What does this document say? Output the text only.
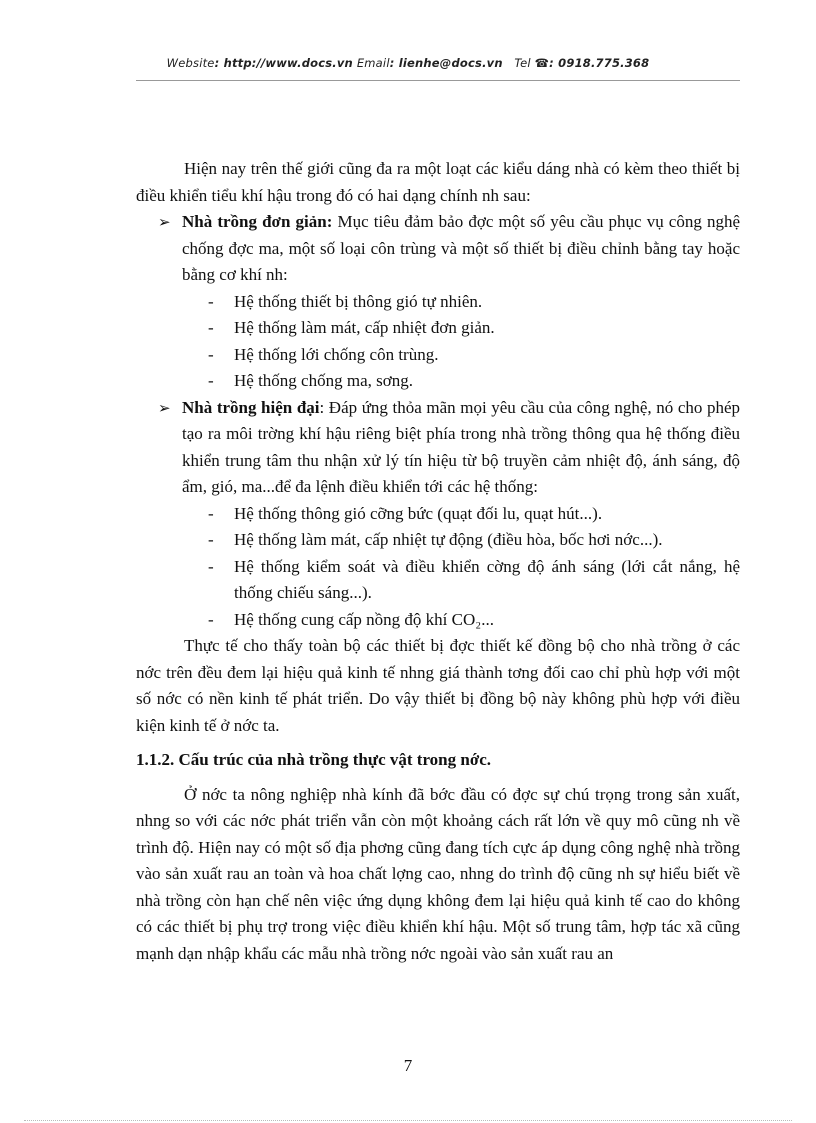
Website: http://www.docs.vn Email: lienhe@docs.vn Tel ☎: 0918.775.368

Hiện nay trên thế giới cũng đa ra một loạt các kiểu dáng nhà có kèm theo thiết bị điều khiển tiểu khí hậu trong đó có hai dạng chính nh sau:

➢ Nhà trồng đơn giản: Mục tiêu đảm bảo đợc một số yêu cầu phục vụ công nghệ chống đợc ma, một số loại côn trùng và một số thiết bị điều chỉnh bằng tay hoặc bằng cơ khí nh:

- Hệ thống thiết bị thông gió tự nhiên.

- Hệ thống làm mát, cấp nhiệt đơn giản.

- Hệ thống lới chống côn trùng.

- Hệ thống chống ma, sơng.

➢ Nhà trồng hiện đại: Đáp ứng thỏa mãn mọi yêu cầu của công nghệ, nó cho phép tạo ra môi trờng khí hậu riêng biệt phía trong nhà trồng thông qua hệ thống điều khiển trung tâm thu nhận xử lý tín hiệu từ bộ truyền cảm nhiệt độ, ánh sáng, độ ẩm, gió, ma...để đa lệnh điều khiển tới các hệ thống:

- Hệ thống thông gió cỡng bức (quạt đối lu, quạt hút...).

- Hệ thống làm mát, cấp nhiệt tự động (điều hòa, bốc hơi nớc...).

- Hệ thống kiểm soát và điều khiển cờng độ ánh sáng (lới cắt nắng, hệ thống chiếu sáng...).

- Hệ thống cung cấp nồng độ khí CO₂...

Thực tế cho thấy toàn bộ các thiết bị đợc thiết kế đồng bộ cho nhà trồng ở các nớc trên đều đem lại hiệu quả kinh tế nhng giá thành tơng đối cao chỉ phù hợp với một số nớc có nền kinh tế phát triển. Do vậy thiết bị đồng bộ này không phù hợp với điều kiện kinh tế ở nớc ta.

1.1.2. Cấu trúc của nhà trồng thực vật trong nớc.

Ở nớc ta nông nghiệp nhà kính đã bớc đầu có đợc sự chú trọng trong sản xuất, nhng so với các nớc phát triển vẫn còn một khoảng cách rất lớn về quy mô cũng nh về trình độ. Hiện nay có một số địa phơng cũng đang tích cực áp dụng công nghệ nhà trồng vào sản xuất rau an toàn và hoa chất lợng cao, nhng do trình độ cũng nh sự hiểu biết về nhà trồng còn hạn chế nên việc ứng dụng không đem lại hiệu quả kinh tế cao do không có các thiết bị phụ trợ trong việc điều khiển khí hậu. Một số trung tâm, hợp tác xã cũng mạnh dạn nhập khẩu các mẫu nhà trồng nớc ngoài vào sản xuất rau an

7
